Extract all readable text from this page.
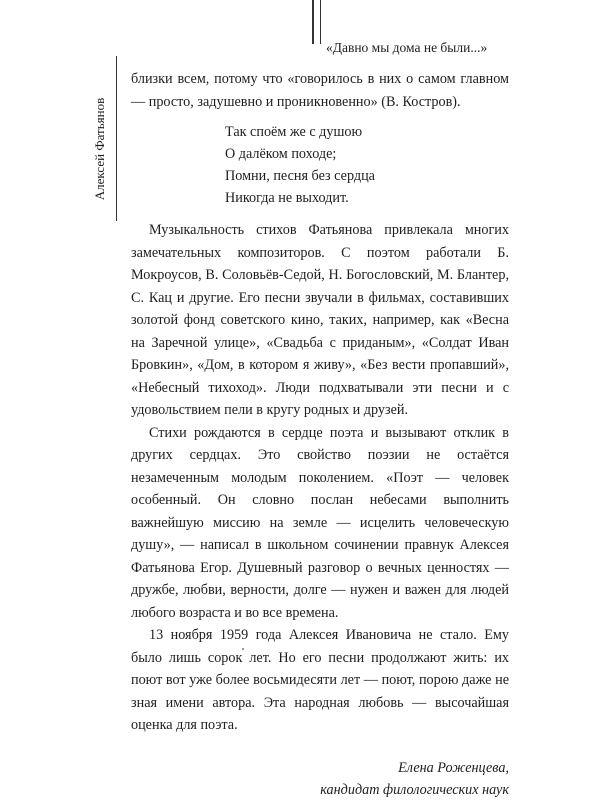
«Давно мы дома не были...»
Алексей Фатьянов

близки всем, потому что «говорилось в них о самом главном — просто, задушевно и проникновенно» (В. Костров).

Так споём же с душою
О далёком походе;
Помни, песня без сердца
Никогда не выходит.

Музыкальность стихов Фатьянова привлекала многих замечательных композиторов. С поэтом работали Б. Мокроусов, В. Соловьёв-Седой, Н. Богословский, М. Блантер, С. Кац и другие. Его песни звучали в фильмах, составивших золотой фонд советского кино, таких, например, как «Весна на Заречной улице», «Свадьба с приданым», «Солдат Иван Бровкин», «Дом, в котором я живу», «Без вести пропавший», «Небесный тихоход». Люди подхватывали эти песни и с удовольствием пели в кругу родных и друзей.

Стихи рождаются в сердце поэта и вызывают отклик в других сердцах. Это свойство поэзии не остаётся незамеченным молодым поколением. «Поэт — человек особенный. Он словно послан небесами выполнить важнейшую миссию на земле — исцелить человеческую душу», — написал в школьном сочинении правнук Алексея Фатьянова Егор. Душевный разговор о вечных ценностях — дружбе, любви, верности, долге — нужен и важен для людей любого возраста и во все времена.

13 ноября 1959 года Алексея Ивановича не стало. Ему было лишь сорок лет. Но его песни продолжают жить: их поют вот уже более восьмидесяти лет — поют, порою даже не зная имени автора. Эта народная любовь — высочайшая оценка для поэта.

Елена Роженцева,
кандидат филологических наук
